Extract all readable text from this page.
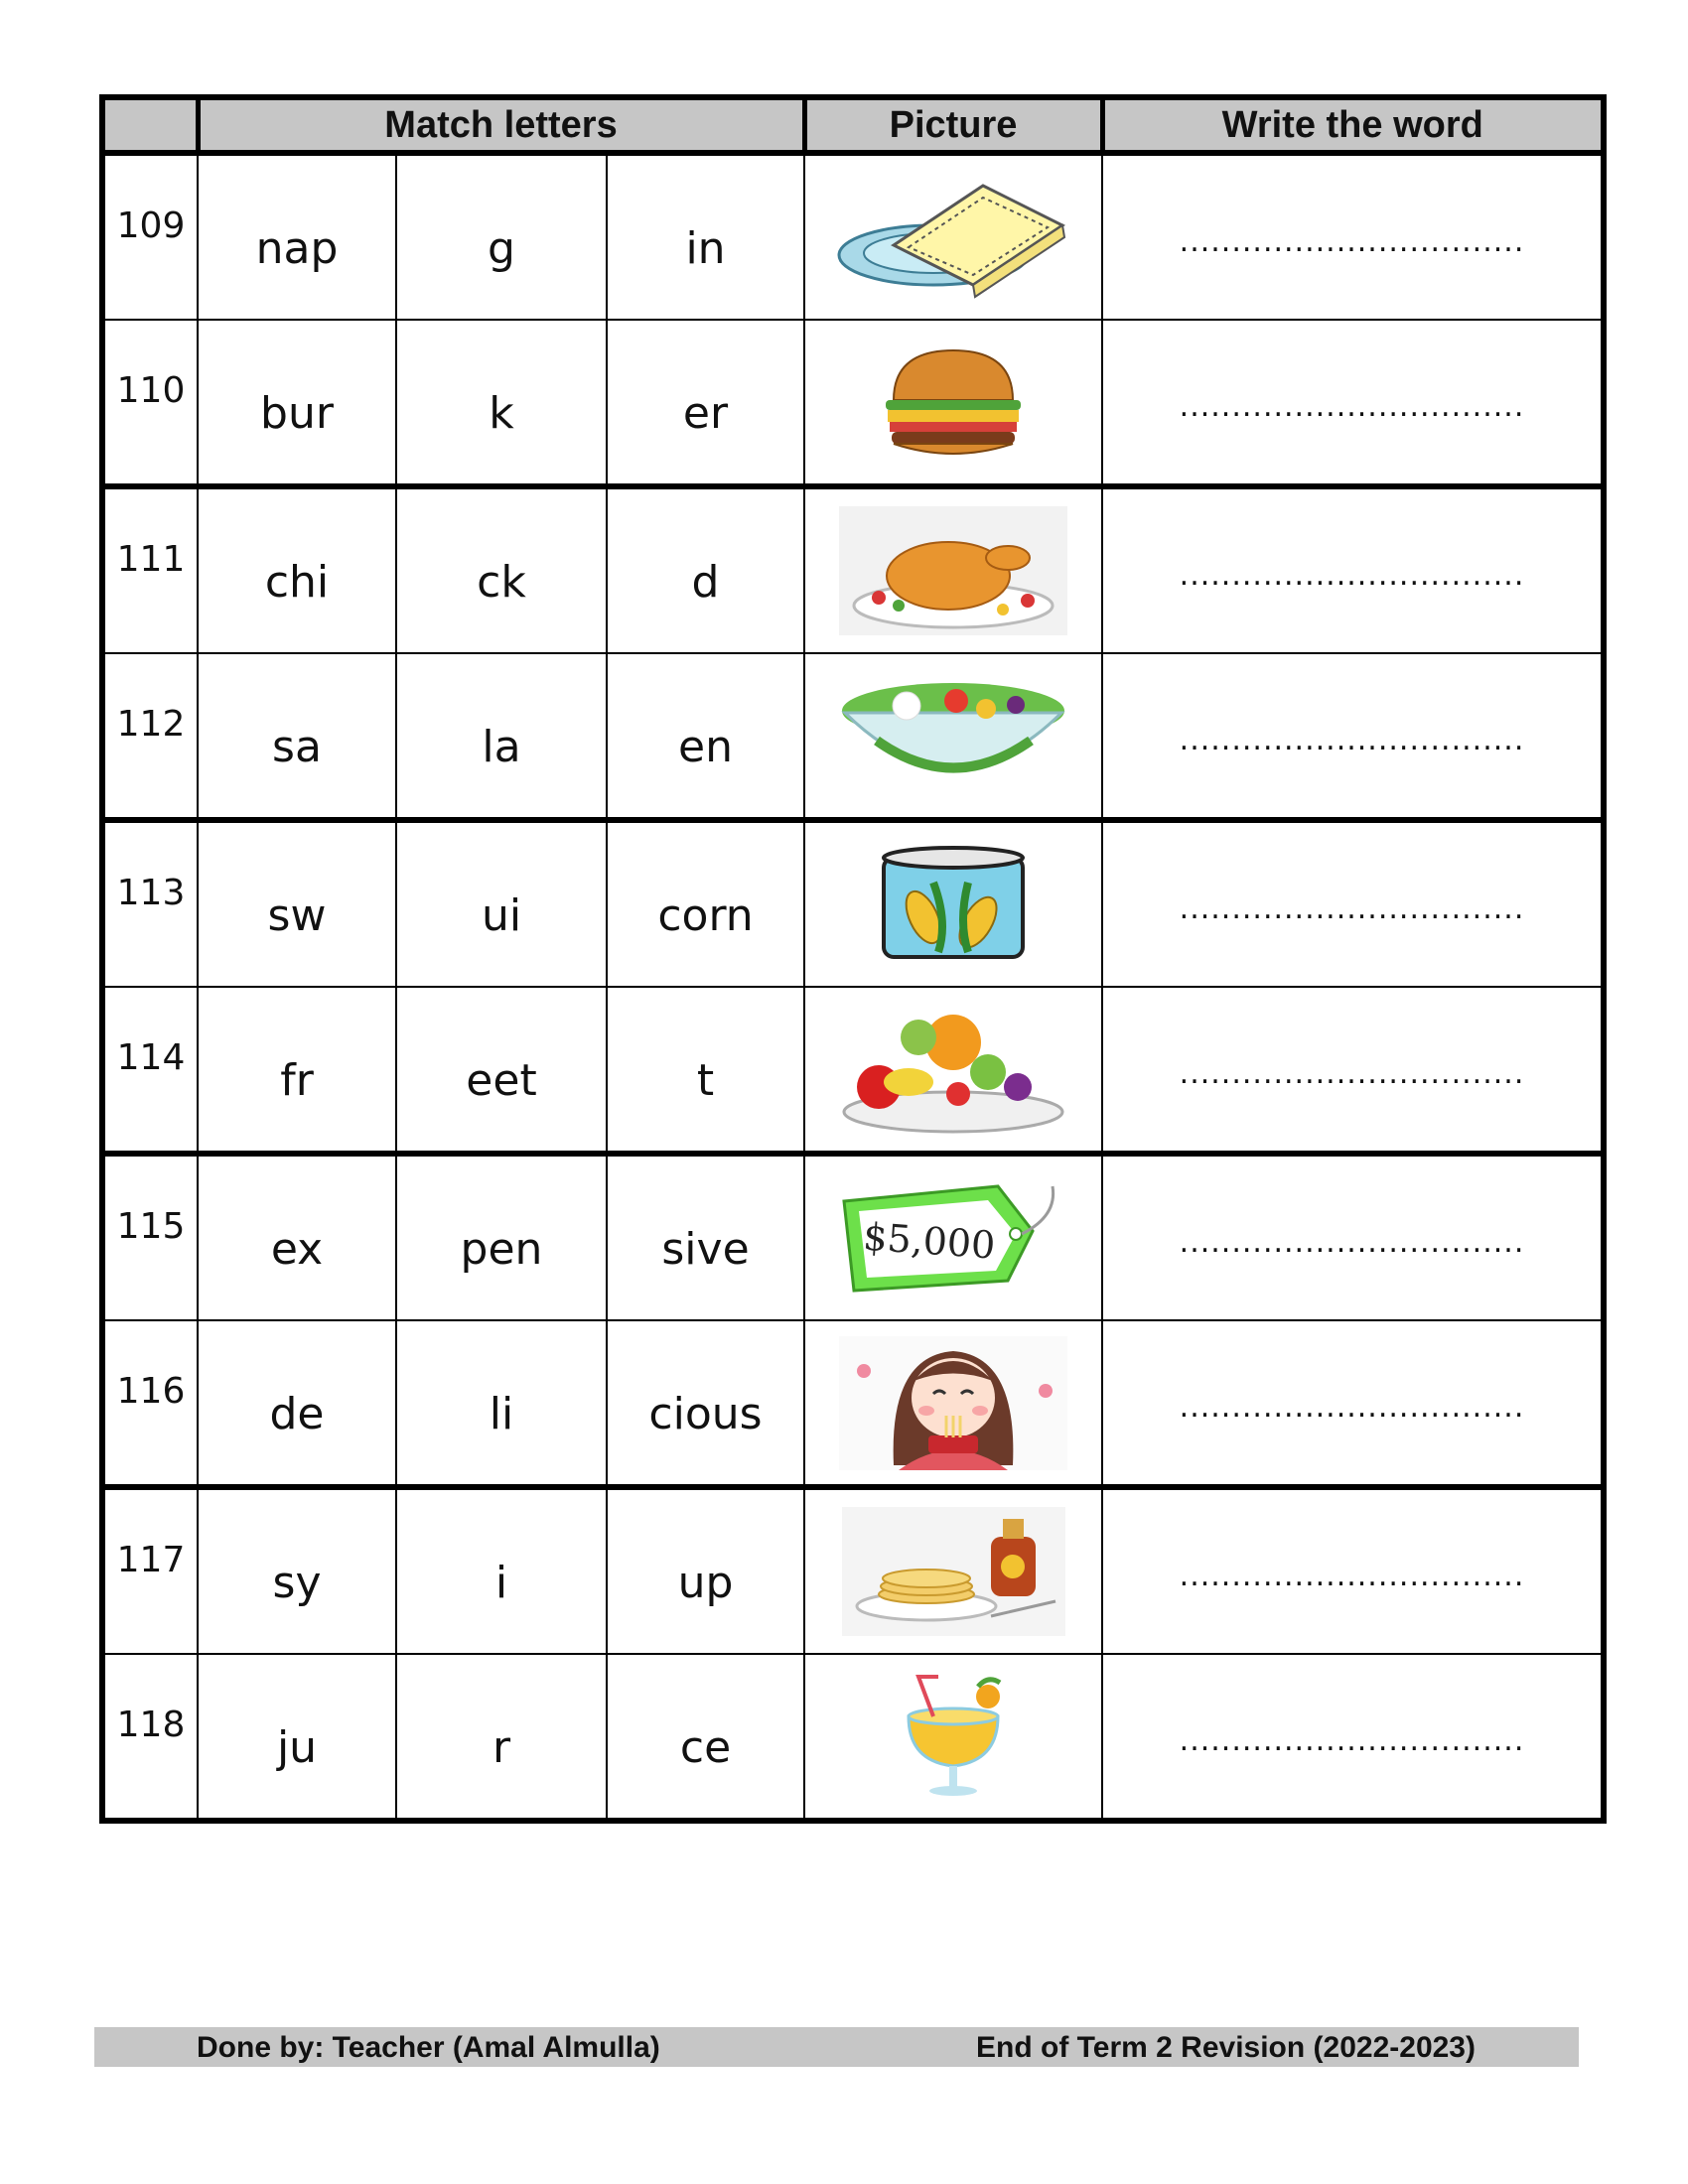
	Match letters			Picture	Write the word
109	nap	g	in		.................................
110	bur	k	er		.................................
111	chi	ck	d		.................................
112	sa	la	en		.................................
113	sw	ui	corn		.................................
114	fr	eet	t		.................................
115	ex	pen	sive	$5,000	.................................
116	de	li	cious		.................................
117	sy	i	up		.................................
118	ju	r	ce		.................................
Done by: Teacher (Amal Almulla)	End of Term 2 Revision (2022-2023)
